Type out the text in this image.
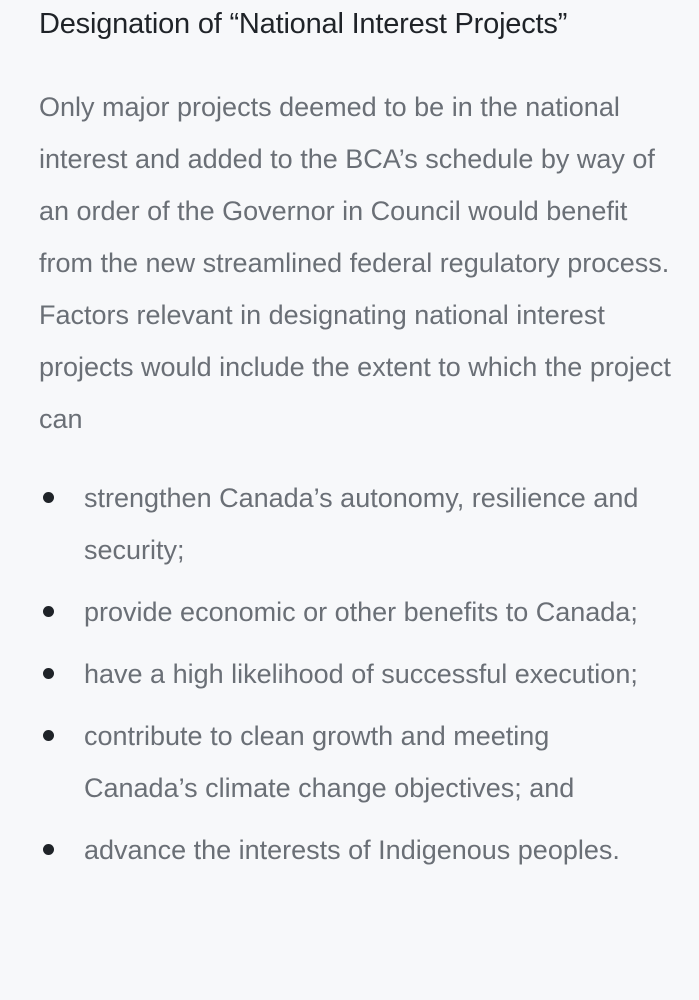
Designation of “National Interest Projects”

Only major projects deemed to be in the national interest and added to the BCA’s schedule by way of an order of the Governor in Council would benefit from the new streamlined federal regulatory process. Factors relevant in designating national interest projects would include the extent to which the project can

strengthen Canada’s autonomy, resilience and security;
provide economic or other benefits to Canada;
have a high likelihood of successful execution;
contribute to clean growth and meeting Canada’s climate change objectives; and
advance the interests of Indigenous peoples.
